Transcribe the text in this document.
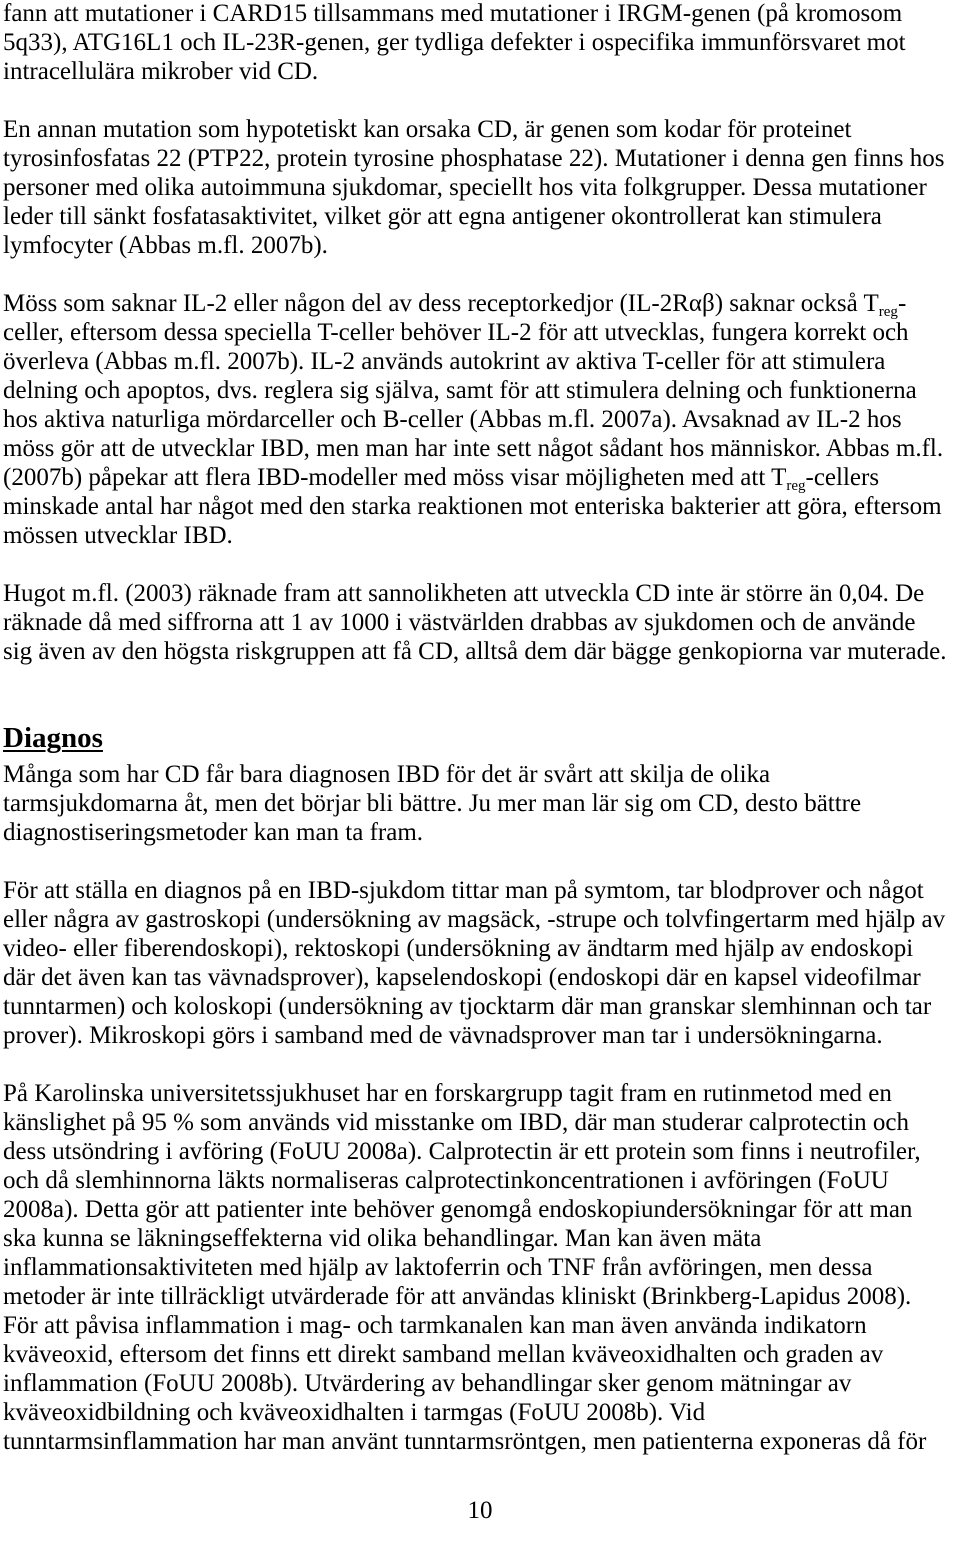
fann att mutationer i CARD15 tillsammans med mutationer i IRGM-genen (på kromosom
5q33), ATG16L1 och IL-23R-genen, ger tydliga defekter i ospecifika immunförsvaret mot
intracellulära mikrober vid CD.
En annan mutation som hypotetiskt kan orsaka CD, är genen som kodar för proteinet
tyrosinfosfatas 22 (PTP22, protein tyrosine phosphatase 22). Mutationer i denna gen finns hos
personer med olika autoimmuna sjukdomar, speciellt hos vita folkgrupper. Dessa mutationer
leder till sänkt fosfatasaktivitet, vilket gör att egna antigener okontrollerat kan stimulera
lymfocyter (Abbas m.fl. 2007b).
Möss som saknar IL-2 eller någon del av dess receptorkedjor (IL-2Rαβ) saknar också $T_{reg}-$
celler, eftersom dessa speciella T-celler behöver IL-2 för att utvecklas, fungera korrekt och
överleva (Abbas m.fl. 2007b). IL-2 används autokrint av aktiva T-celler för att stimulera
delning och apoptos, dvs. reglera sig själva, samt för att stimulera delning och funktionerna
hos aktiva naturliga mördarceller och B-celler (Abbas m.fl. 2007a). Avsaknad av IL-2 hos
möss gör att de utvecklar IBD, men man har inte sett något sådant hos människor. Abbas m.fl.
(2007b) påpekar att flera IBD-modeller med möss visar möjligheten med att $T_{reg}$-cellers
minskade antal har något med den starka reaktionen mot enteriska bakterier att göra, eftersom
mössen utvecklar IBD.
Hugot m.fl. (2003) räknade fram att sannolikheten att utveckla CD inte är större än 0,04. De
räknade då med siffrorna att 1 av 1000 i västvärlden drabbas av sjukdomen och de använde
sig även av den högsta riskgruppen att få CD, alltså dem där bägge genkopiorna var muterade.
Diagnos
Många som har CD får bara diagnosen IBD för det är svårt att skilja de olika
tarmsjukdomarna åt, men det börjar bli bättre. Ju mer man lär sig om CD, desto bättre
diagnostiseringsmetoder kan man ta fram.
För att ställa en diagnos på en IBD-sjukdom tittar man på symtom, tar blodprover och något
eller några av gastroskopi (undersökning av magsäck, -strupe och tolvfingertarm med hjälp av
video- eller fiberendoskopi), rektoskopi (undersökning av ändtarm med hjälp av endoskopi
där det även kan tas vävnadsprover), kapselendoskopi (endoskopi där en kapsel videofilmar
tunntarmen) och koloskopi (undersökning av tjocktarm där man granskar slemhinnan och tar
prover). Mikroskopi görs i samband med de vävnadsprover man tar i undersökningarna.
På Karolinska universitetssjukhuset har en forskargrupp tagit fram en rutinmetod med en
känslighet på 95 % som används vid misstanke om IBD, där man studerar calprotectin och
dess utsöndring i avföring (FoUU 2008a). Calprotectin är ett protein som finns i neutrofiler,
och då slemhinnorna läkts normaliseras calprotectinkoncentrationen i avföringen (FoUU
2008a). Detta gör att patienter inte behöver genomgå endoskopiundersökningar för att man
ska kunna se läkningseffekterna vid olika behandlingar. Man kan även mäta
inflammationsaktiviteten med hjälp av laktoferrin och TNF från avföringen, men dessa
metoder är inte tillräckligt utvärderade för att användas kliniskt (Brinkberg-Lapidus 2008).
För att påvisa inflammation i mag- och tarmkanalen kan man även använda indikatorn
kväveoxid, eftersom det finns ett direkt samband mellan kväveoxidhalten och graden av
inflammation (FoUU 2008b). Utvärdering av behandlingar sker genom mätningar av
kväveoxidbildning och kväveoxidhalten i tarmgas (FoUU 2008b). Vid
tunntarmsinflammation har man använt tunntarmsröntgen, men patienterna exponeras då för
10
